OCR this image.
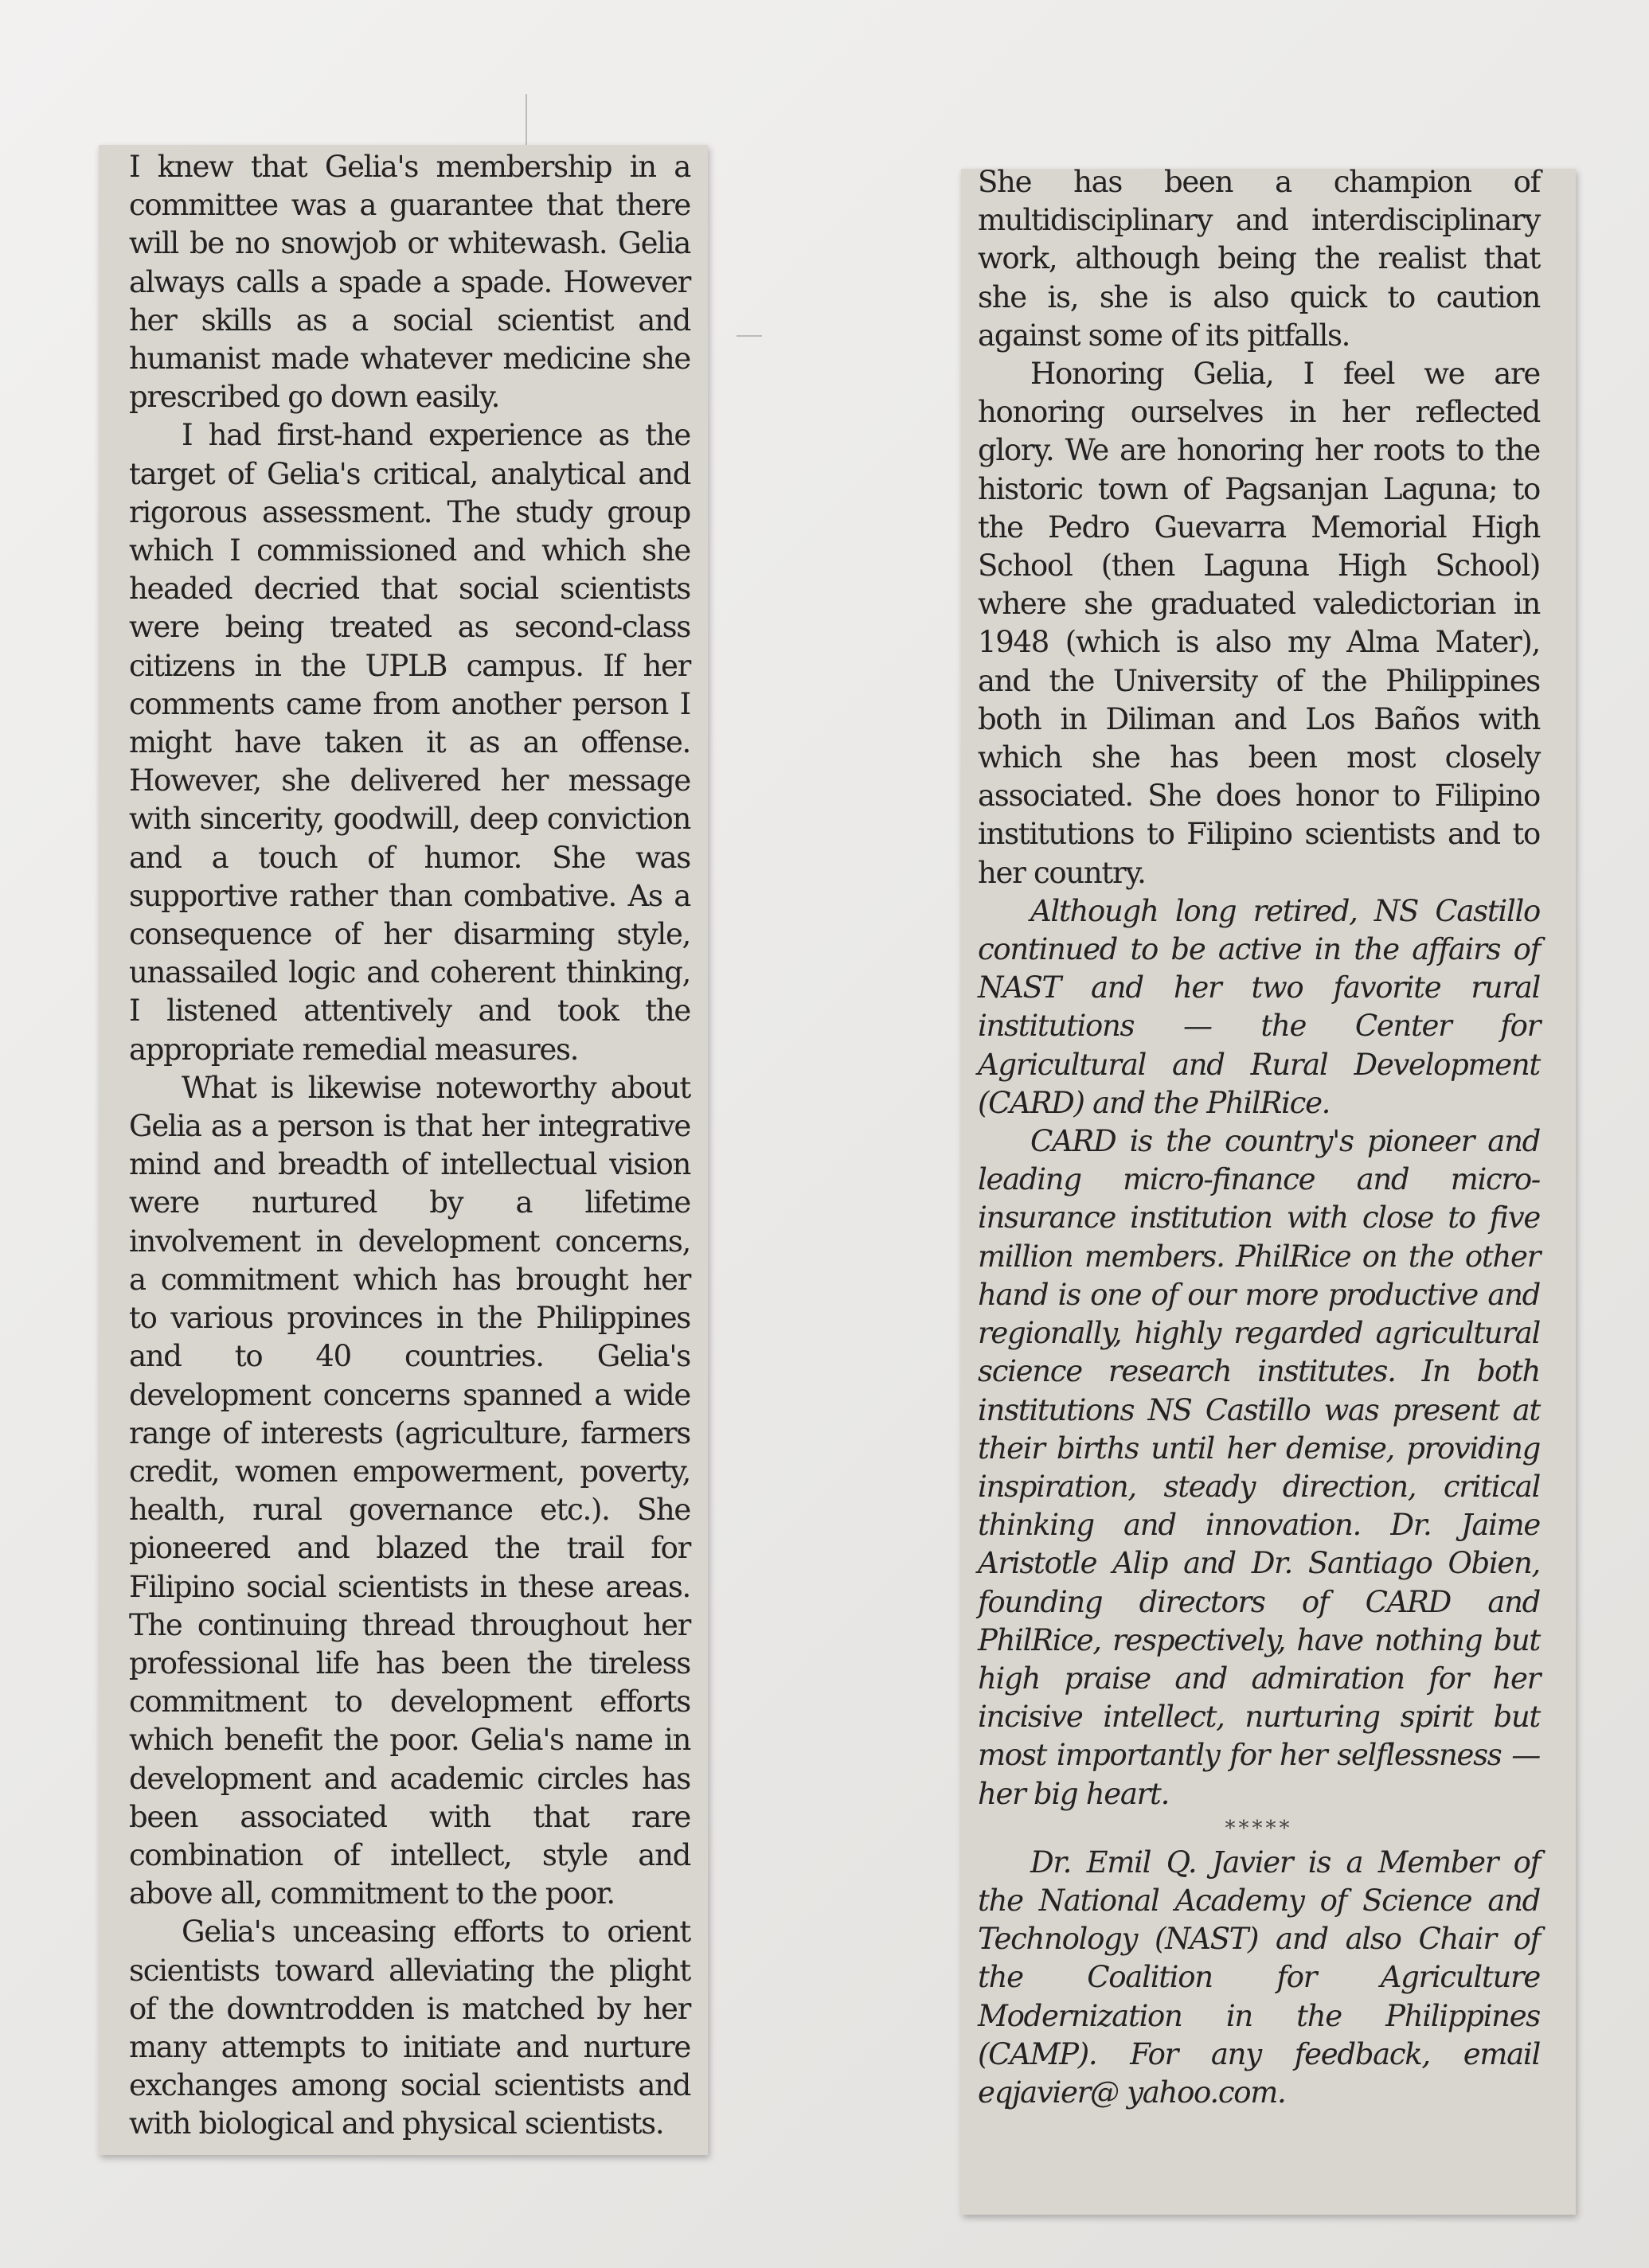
I knew that Gelia's membership in a committee was a guarantee that there will be no snowjob or whitewash. Gelia always calls a spade a spade. However her skills as a social scientist and humanist made whatever medicine she prescribed go down easily.

I had first-hand experience as the target of Gelia's critical, analytical and rigorous assessment. The study group which I commissioned and which she headed decried that social scientists were being treated as second-class citizens in the UPLB campus. If her comments came from another person I might have taken it as an offense. However, she delivered her message with sincerity, goodwill, deep conviction and a touch of humor. She was supportive rather than combative. As a consequence of her disarming style, unassailed logic and coherent thinking, I listened attentively and took the appropriate remedial measures.

What is likewise noteworthy about Gelia as a person is that her integrative mind and breadth of intellectual vision were nurtured by a lifetime involvement in development concerns, a commitment which has brought her to various provinces in the Philippines and to 40 countries. Gelia's development concerns spanned a wide range of interests (agriculture, farmers credit, women empowerment, poverty, health, rural governance etc.). She pioneered and blazed the trail for Filipino social scientists in these areas. The continuing thread throughout her professional life has been the tireless commitment to development efforts which benefit the poor. Gelia's name in development and academic circles has been associated with that rare combination of intellect, style and above all, commitment to the poor.

Gelia's unceasing efforts to orient scientists toward alleviating the plight of the downtrodden is matched by her many attempts to initiate and nurture exchanges among social scientists and with biological and physical scientists.

She has been a champion of multidisciplinary and interdisciplinary work, although being the realist that she is, she is also quick to caution against some of its pitfalls.

Honoring Gelia, I feel we are honoring ourselves in her reflected glory. We are honoring her roots to the historic town of Pagsanjan Laguna; to the Pedro Guevarra Memorial High School (then Laguna High School) where she graduated valedictorian in 1948 (which is also my Alma Mater), and the University of the Philippines both in Diliman and Los Baños with which she has been most closely associated. She does honor to Filipino institutions to Filipino scientists and to her country.

Although long retired, NS Castillo continued to be active in the affairs of NAST and her two favorite rural institutions — the Center for Agricultural and Rural Development (CARD) and the PhilRice.

CARD is the country's pioneer and leading micro-finance and micro-insurance institution with close to five million members. PhilRice on the other hand is one of our more productive and regionally, highly regarded agricultural science research institutes. In both institutions NS Castillo was present at their births until her demise, providing inspiration, steady direction, critical thinking and innovation. Dr. Jaime Aristotle Alip and Dr. Santiago Obien, founding directors of CARD and PhilRice, respectively, have nothing but high praise and admiration for her incisive intellect, nurturing spirit but most importantly for her selflessness — her big heart.

*****

Dr. Emil Q. Javier is a Member of the National Academy of Science and Technology (NAST) and also Chair of the Coalition for Agriculture Modernization in the Philippines (CAMP). For any feedback, email eqjavier@ yahoo.com.
